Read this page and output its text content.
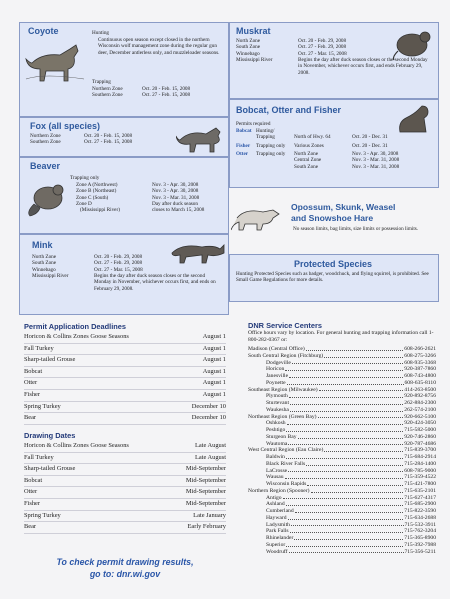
Coyote	Hunting
Continuous open season except closed in the northern Wisconsin wolf management zone during the regular gun deer, December antlerless only, and muzzleloader seasons.
Trapping
Northern Zone	Oct. 20 - Feb. 15, 2008
Southern Zone	Oct. 27 - Feb. 15, 2008
Fox (all species)
Northern Zone	Oct. 20 - Feb. 15, 2008
Southern Zone	Oct. 27 - Feb. 15, 2008
Beaver
Trapping only
Zone A (Northwest)	Nov. 3 - Apr. 30, 2008
Zone B (Northeast)	Nov. 3 - Apr. 30, 2008
Zone C (South)	Nov. 3 - Mar. 31, 2008
Zone D	Day after duck season
(Mississippi River)	closes to March 15, 2008
Mink
North Zone	Oct. 20 - Feb. 29, 2008
South Zone	Oct. 27 - Feb. 29, 2008
Winnebago	Oct. 27 - Mar. 15, 2008
Mississippi River	Begins the day after duck season closes or the second Monday in November, whichever occurs first, and ends on February 29, 2008.
Muskrat
North Zone	Oct. 20 - Feb. 29, 2008
South Zone	Oct. 27 - Feb. 29, 2008
Winnebago	Oct. 27 - Mar. 15, 2008
Mississippi River	Begins the day after duck season closes or the second Monday in November, whichever occurs first, and ends February 29, 2008.
Bobcat, Otter and Fisher
Permits required
Bobcat Hunting/ Trapping	North of Hwy. 64	Oct. 20 - Dec. 31
Fisher	Trapping only	Various Zones	Oct. 20 - Dec. 31
Otter	Trapping only	North Zone	Nov. 3 - Apr. 30, 2008
Central Zone	Nov. 3 - Mar. 31, 2008
South Zone	Nov. 3 - Mar. 31, 2008
Opossum, Skunk, Weasel
and Snowshoe Hare
No season limits, bag limits, size limits or possession limits.
Protected Species
Hunting Protected Species such as badger, woodchuck, and flying squirrel, is prohibited. See Small Game Regulations for more details.
Permit Application Deadlines
Horicon & Collins Zones Goose Seasons	August 1
Fall Turkey	August 1
Sharp-tailed Grouse	August 1
Bobcat	August 1
Otter	August 1
Fisher	August 1
Spring Turkey	December 10
Bear	December 10
Drawing Dates
Horicon & Collins Zones Goose Seasons	Late August
Fall Turkey	Late August
Sharp-tailed Grouse	Mid-September
Bobcat	Mid-September
Otter	Mid-September
Fisher	Mid-September
Spring Turkey	Late January
Bear	Early February
To check permit drawing results,
go to: dnr.wi.gov
DNR Service Centers
Office hours vary by location. For general hunting and trapping information call 1-800-282-0367 or:
Madison (Central Office)	608-266-2621
South Central Region (Fitchburg)	608-275-3266
Dodgeville	608-935-3368
Horicon	920-387-7860
Janesville	608-743-4800
Poynette	608-635-8110
Southeast Region (Milwaukee)	414-263-8500
Plymouth	920-892-8756
Sturtevant	262-884-2300
Waukesha	262-574-2100
Northeast Region (Green Bay)	920-662-5100
Oshkosh	920-424-3050
Peshtigo	715-582-5000
Sturgeon Bay	920-746-2860
Wautoma	920-787-4686
West Central Region (Eau Claire)	715-839-3700
Baldwin	715-684-2914
Black River Falls	715-284-1400
LaCrosse	608-785-9000
Wausau	715-359-4522
Wisconsin Rapids	715-421-7800
Northern Region (Spooner)	715-635-2101
Antigo	715-627-4317
Ashland	715-685-2900
Cumberland	715-822-3590
Hayward	715-634-2688
Ladysmith	715-532-3911
Park Falls	715-762-3204
Rhinelander	715-365-8900
Superior	715-392-7988
Woodruff	715-356-5211
